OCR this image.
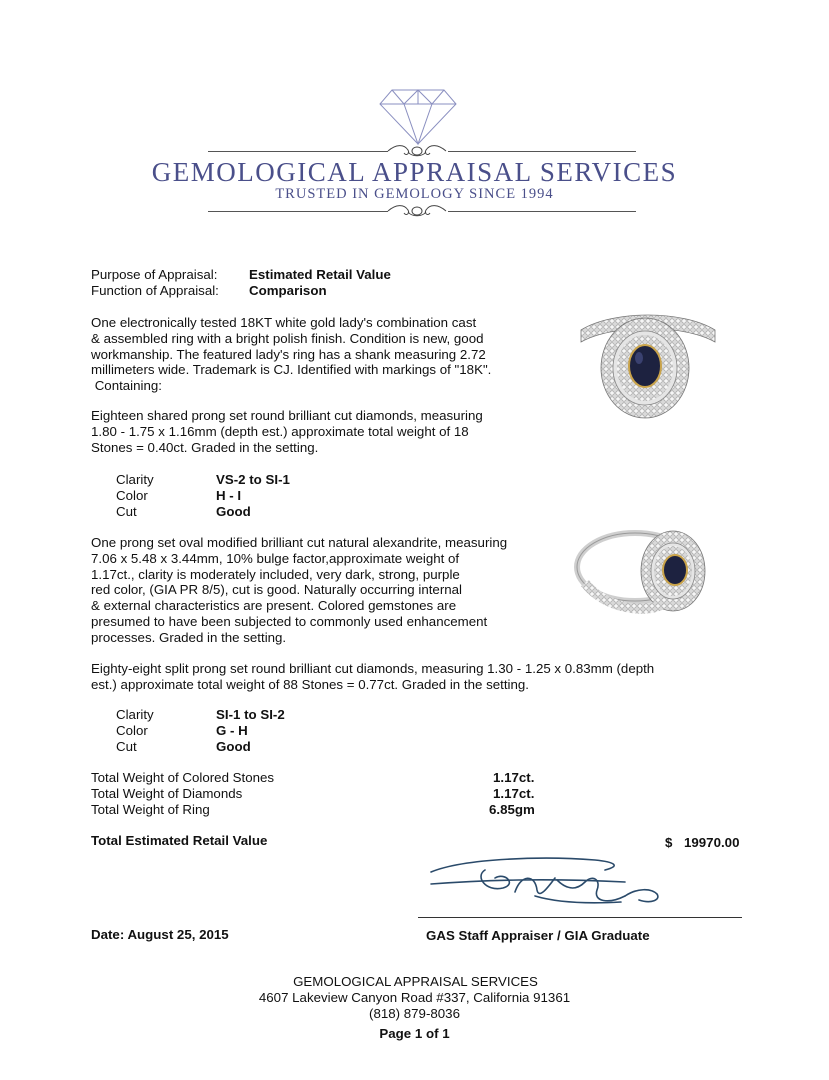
GEMOLOGICAL APPRAISAL SERVICES
TRUSTED IN GEMOLOGY SINCE 1994
Purpose of Appraisal: Estimated Retail Value
Function of Appraisal: Comparison
One electronically tested 18KT white gold lady's combination cast
& assembled ring with a bright polish finish. Condition is new, good
workmanship. The featured lady's ring has a shank measuring 2.72
millimeters wide. Trademark is CJ. Identified with markings of "18K".
Containing:
Eighteen shared prong set round brilliant cut diamonds, measuring
1.80 - 1.75 x 1.16mm (depth est.) approximate total weight of 18
Stones = 0.40ct. Graded in the setting.
Clarity	VS-2 to SI-1
Color	H - I
Cut	Good
One prong set oval modified brilliant cut natural alexandrite, measuring
7.06 x 5.48 x 3.44mm, 10% bulge factor,approximate weight of
1.17ct., clarity is moderately included, very dark, strong, purple
red color, (GIA PR 8/5), cut is good. Naturally occurring internal
& external characteristics are present. Colored gemstones are
presumed to have been subjected to commonly used enhancement
processes. Graded in the setting.
Eighty-eight split prong set round brilliant cut diamonds, measuring 1.30 - 1.25 x 0.83mm (depth
est.) approximate total weight of 88 Stones = 0.77ct. Graded in the setting.
Clarity	SI-1 to SI-2
Color	G - H
Cut	Good
Total Weight of Colored Stones	1.17ct.
Total Weight of Diamonds	1.17ct.
Total Weight of Ring	6.85gm
Total Estimated Retail Value	$ 19970.00
Date: August 25, 2015	GAS Staff Appraiser / GIA Graduate
GEMOLOGICAL APPRAISAL SERVICES
4607 Lakeview Canyon Road #337, California 91361
(818) 879-8036
Page 1 of 1
